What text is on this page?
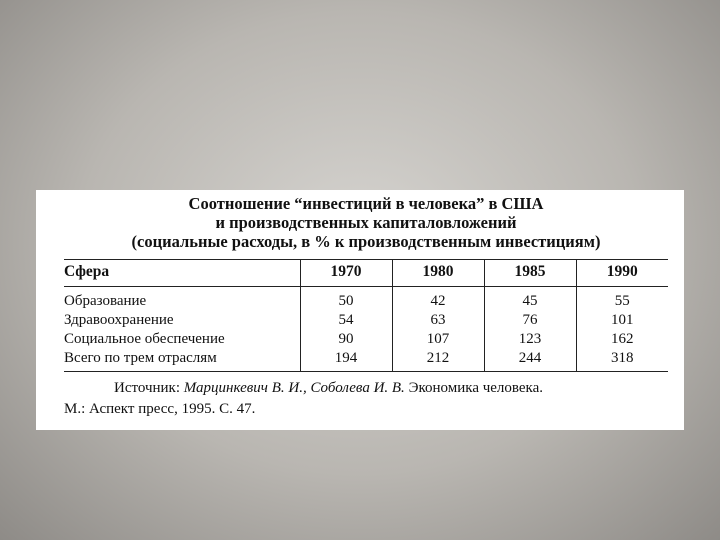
Соотношение “инвестиций в человека” в США
и производственных капиталовложений
(социальные расходы, в % к производственным инвестициям)
Сфера	1970	1980	1985	1990
Образование	50	42	45	55
Здравоохранение	54	63	76	101
Социальное обеспечение	90	107	123	162
Всего по трем отраслям	194	212	244	318
Источник: Марцинкевич В. И., Соболева И. В. Экономика человека.
М.: Аспект пресс, 1995. С. 47.
